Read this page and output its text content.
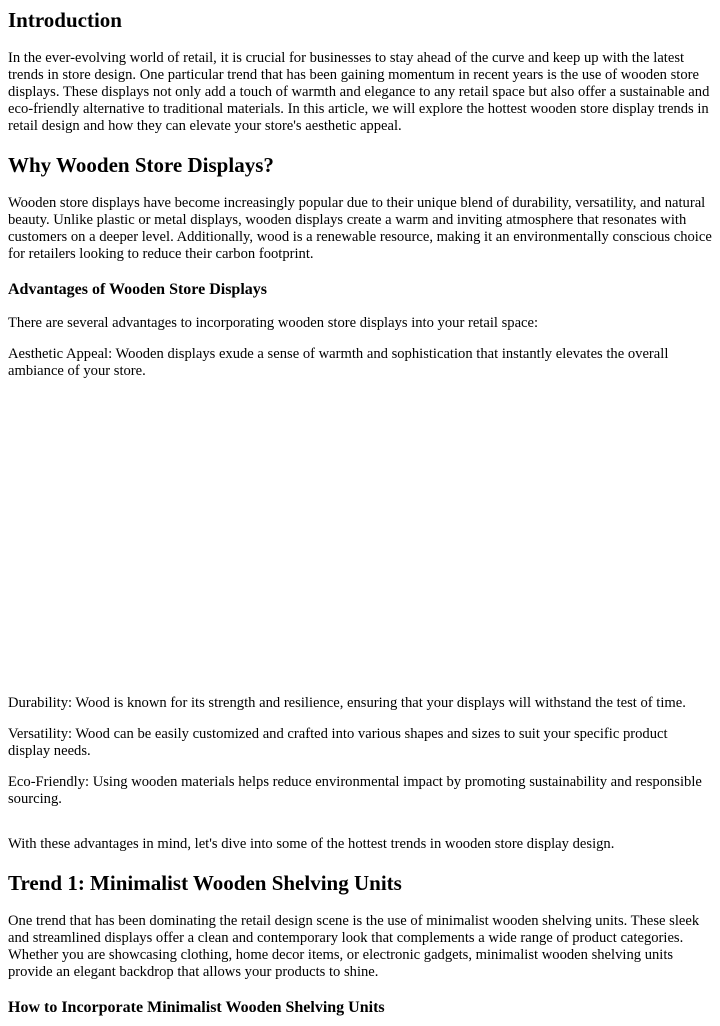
Introduction

In the ever-evolving world of retail, it is crucial for businesses to stay ahead of the curve and keep up with the latest trends in store design. One particular trend that has been gaining momentum in recent years is the use of wooden store displays. These displays not only add a touch of warmth and elegance to any retail space but also offer a sustainable and eco-friendly alternative to traditional materials. In this article, we will explore the hottest wooden store display trends in retail design and how they can elevate your store's aesthetic appeal.

Why Wooden Store Displays?

Wooden store displays have become increasingly popular due to their unique blend of durability, versatility, and natural beauty. Unlike plastic or metal displays, wooden displays create a warm and inviting atmosphere that resonates with customers on a deeper level. Additionally, wood is a renewable resource, making it an environmentally conscious choice for retailers looking to reduce their carbon footprint.

Advantages of Wooden Store Displays

There are several advantages to incorporating wooden store displays into your retail space:

Aesthetic Appeal: Wooden displays exude a sense of warmth and sophistication that instantly elevates the overall ambiance of your store.

Durability: Wood is known for its strength and resilience, ensuring that your displays will withstand the test of time.

Versatility: Wood can be easily customized and crafted into various shapes and sizes to suit your specific product display needs.

Eco-Friendly: Using wooden materials helps reduce environmental impact by promoting sustainability and responsible sourcing.

With these advantages in mind, let's dive into some of the hottest trends in wooden store display design.

Trend 1: Minimalist Wooden Shelving Units

One trend that has been dominating the retail design scene is the use of minimalist wooden shelving units. These sleek and streamlined displays offer a clean and contemporary look that complements a wide range of product categories. Whether you are showcasing clothing, home decor items, or electronic gadgets, minimalist wooden shelving units provide an elegant backdrop that allows your products to shine.

How to Incorporate Minimalist Wooden Shelving Units
